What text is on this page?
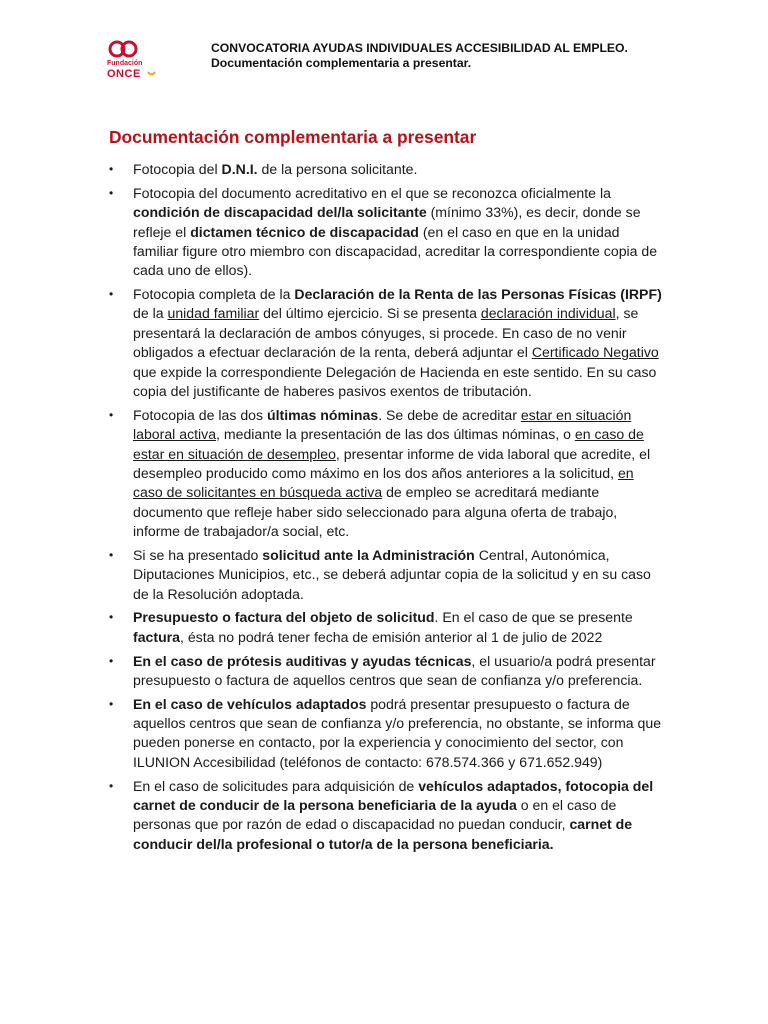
Fundación
ONCE
CONVOCATORIA AYUDAS INDIVIDUALES ACCESIBILIDAD AL EMPLEO.
Documentación complementaria a presentar.
Documentación complementaria a presentar
• Fotocopia del D.N.I. de la persona solicitante.
• Fotocopia del documento acreditativo en el que se reconozca oficialmente la condición de discapacidad del/la solicitante (mínimo 33%), es decir, donde se refleje el dictamen técnico de discapacidad (en el caso en que en la unidad familiar figure otro miembro con discapacidad, acreditar la correspondiente copia de cada uno de ellos).
• Fotocopia completa de la Declaración de la Renta de las Personas Físicas (IRPF) de la unidad familiar del último ejercicio. Si se presenta declaración individual, se presentará la declaración de ambos cónyuges, si procede. En caso de no venir obligados a efectuar declaración de la renta, deberá adjuntar el Certificado Negativo que expide la correspondiente Delegación de Hacienda en este sentido. En su caso copia del justificante de haberes pasivos exentos de tributación.
• Fotocopia de las dos últimas nóminas. Se debe de acreditar estar en situación laboral activa, mediante la presentación de las dos últimas nóminas, o en caso de estar en situación de desempleo, presentar informe de vida laboral que acredite, el desempleo producido como máximo en los dos años anteriores a la solicitud, en caso de solicitantes en búsqueda activa de empleo se acreditará mediante documento que refleje haber sido seleccionado para alguna oferta de trabajo, informe de trabajador/a social, etc.
• Si se ha presentado solicitud ante la Administración Central, Autonómica, Diputaciones Municipios, etc., se deberá adjuntar copia de la solicitud y en su caso de la Resolución adoptada.
• Presupuesto o factura del objeto de solicitud. En el caso de que se presente factura, ésta no podrá tener fecha de emisión anterior al 1 de julio de 2022
• En el caso de prótesis auditivas y ayudas técnicas, el usuario/a podrá presentar presupuesto o factura de aquellos centros que sean de confianza y/o preferencia.
• En el caso de vehículos adaptados podrá presentar presupuesto o factura de aquellos centros que sean de confianza y/o preferencia, no obstante, se informa que pueden ponerse en contacto, por la experiencia y conocimiento del sector, con ILUNION Accesibilidad (teléfonos de contacto: 678.574.366 y 671.652.949)
• En el caso de solicitudes para adquisición de vehículos adaptados, fotocopia del carnet de conducir de la persona beneficiaria de la ayuda o en el caso de personas que por razón de edad o discapacidad no puedan conducir, carnet de conducir del/la profesional o tutor/a de la persona beneficiaria.
